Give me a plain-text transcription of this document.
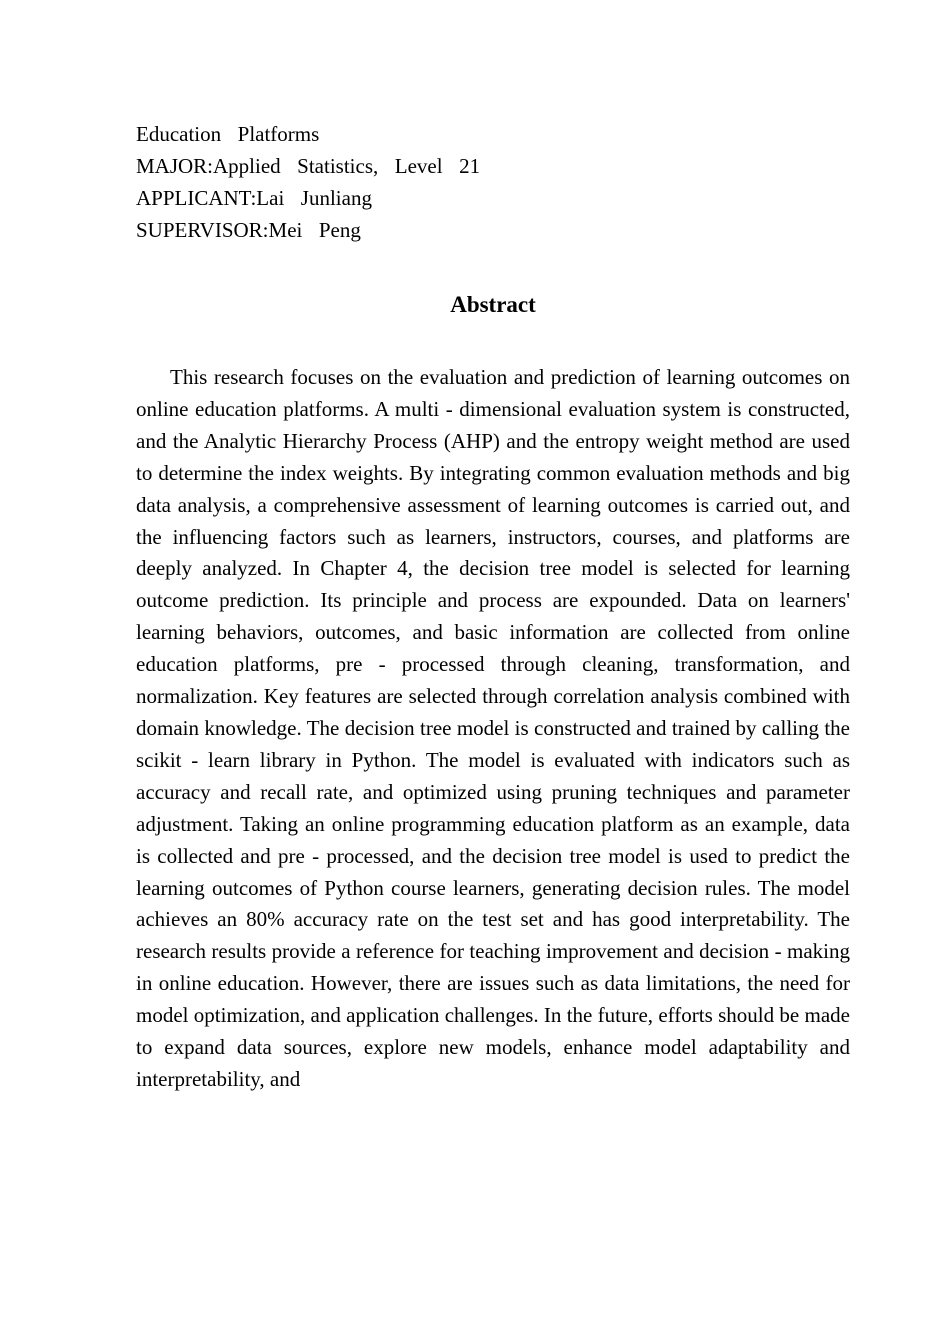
Education  Platforms
MAJOR:Applied  Statistics,  Level  21
APPLICANT:Lai  Junliang
SUPERVISOR:Mei  Peng
Abstract
This research focuses on the evaluation and prediction of learning outcomes on online education platforms. A multi - dimensional evaluation system is constructed, and the Analytic Hierarchy Process (AHP) and the entropy weight method are used to determine the index weights. By integrating common evaluation methods and big data analysis, a comprehensive assessment of learning outcomes is carried out, and the influencing factors such as learners, instructors, courses, and platforms are deeply analyzed. In Chapter 4, the decision tree model is selected for learning outcome prediction. Its principle and process are expounded. Data on learners' learning behaviors, outcomes, and basic information are collected from online education platforms, pre - processed through cleaning, transformation, and normalization. Key features are selected through correlation analysis combined with domain knowledge. The decision tree model is constructed and trained by calling the scikit - learn library in Python. The model is evaluated with indicators such as accuracy and recall rate, and optimized using pruning techniques and parameter adjustment. Taking an online programming education platform as an example, data is collected and pre - processed, and the decision tree model is used to predict the learning outcomes of Python course learners, generating decision rules. The model achieves an 80% accuracy rate on the test set and has good interpretability. The research results provide a reference for teaching improvement and decision - making in online education. However, there are issues such as data limitations, the need for model optimization, and application challenges. In the future, efforts should be made to expand data sources, explore new models, enhance model adaptability and interpretability, and
